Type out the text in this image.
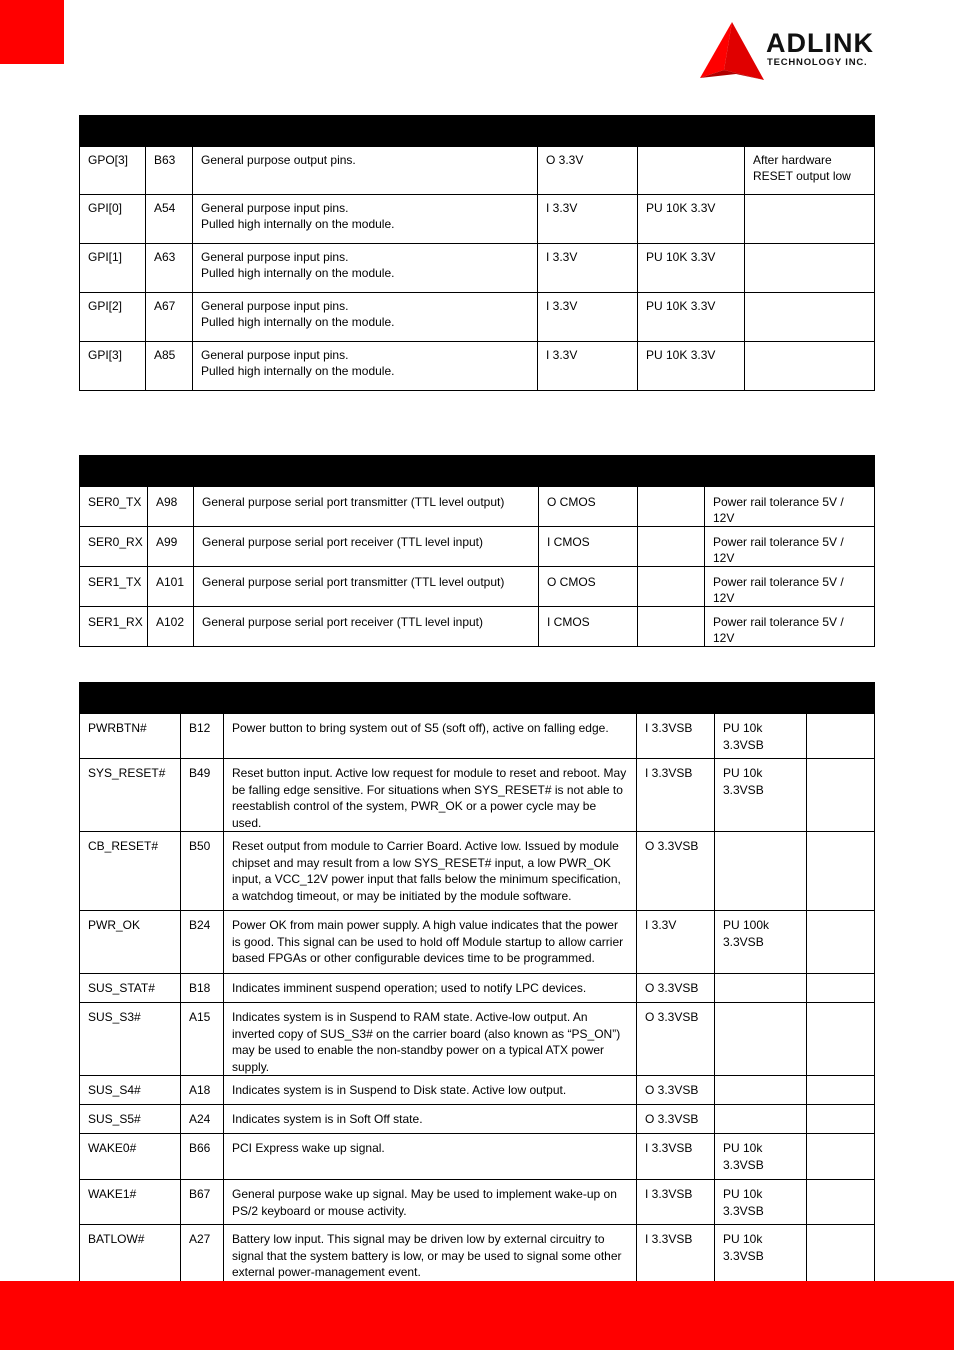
ADLINK
TECHNOLOGY INC.

GPO[3]	B63	General purpose output pins.	O 3.3V		After hardware
RESET output low
GPI[0]	A54	General purpose input pins.
Pulled high internally on the module.	I 3.3V	PU 10K 3.3V	
GPI[1]	A63	General purpose input pins.
Pulled high internally on the module.	I 3.3V	PU 10K 3.3V	
GPI[2]	A67	General purpose input pins.
Pulled high internally on the module.	I 3.3V	PU 10K 3.3V	
GPI[3]	A85	General purpose input pins.
Pulled high internally on the module.	I 3.3V	PU 10K 3.3V	

SER0_TX	A98	General purpose serial port transmitter (TTL level output)	O CMOS		Power rail tolerance 5V / 12V
SER0_RX	A99	General purpose serial port receiver (TTL level input)	I CMOS		Power rail tolerance 5V / 12V
SER1_TX	A101	General purpose serial port transmitter (TTL level output)	O CMOS		Power rail tolerance 5V / 12V
SER1_RX	A102	General purpose serial port receiver (TTL level input)	I CMOS		Power rail tolerance 5V / 12V

PWRBTN#	B12	Power button to bring system out of S5 (soft off), active on falling edge.	I 3.3VSB	PU 10k
3.3VSB	
SYS_RESET#	B49	Reset button input. Active low request for module to reset and reboot. May be falling edge sensitive. For situations when SYS_RESET# is not able to reestablish control of the system, PWR_OK or a power cycle may be used.	I 3.3VSB	PU 10k
3.3VSB	
CB_RESET#	B50	Reset output from module to Carrier Board. Active low. Issued by module chipset and may result from a low SYS_RESET# input, a low PWR_OK input, a VCC_12V power input that falls below the minimum specification, a watchdog timeout, or may be initiated by the module software.	O 3.3VSB		
PWR_OK	B24	Power OK from main power supply. A high value indicates that the power is good. This signal can be used to hold off Module startup to allow carrier based FPGAs or other configurable devices time to be programmed.	I 3.3V	PU 100k
3.3VSB	
SUS_STAT#	B18	Indicates imminent suspend operation; used to notify LPC devices.	O 3.3VSB		
SUS_S3#	A15	Indicates system is in Suspend to RAM state. Active-low output. An inverted copy of SUS_S3# on the carrier board (also known as “PS_ON”) may be used to enable the non-standby power on a typical ATX power supply.	O 3.3VSB		
SUS_S4#	A18	Indicates system is in Suspend to Disk state. Active low output.	O 3.3VSB		
SUS_S5#	A24	Indicates system is in Soft Off state.	O 3.3VSB		
WAKE0#	B66	PCI Express wake up signal.	I 3.3VSB	PU 10k
3.3VSB	
WAKE1#	B67	General purpose wake up signal. May be used to implement wake-up on PS/2 keyboard or mouse activity.	I 3.3VSB	PU 10k
3.3VSB	
BATLOW#	A27	Battery low input. This signal may be driven low by external circuitry to signal that the system battery is low, or may be used to signal some other external power-management event.	I 3.3VSB	PU 10k
3.3VSB	
